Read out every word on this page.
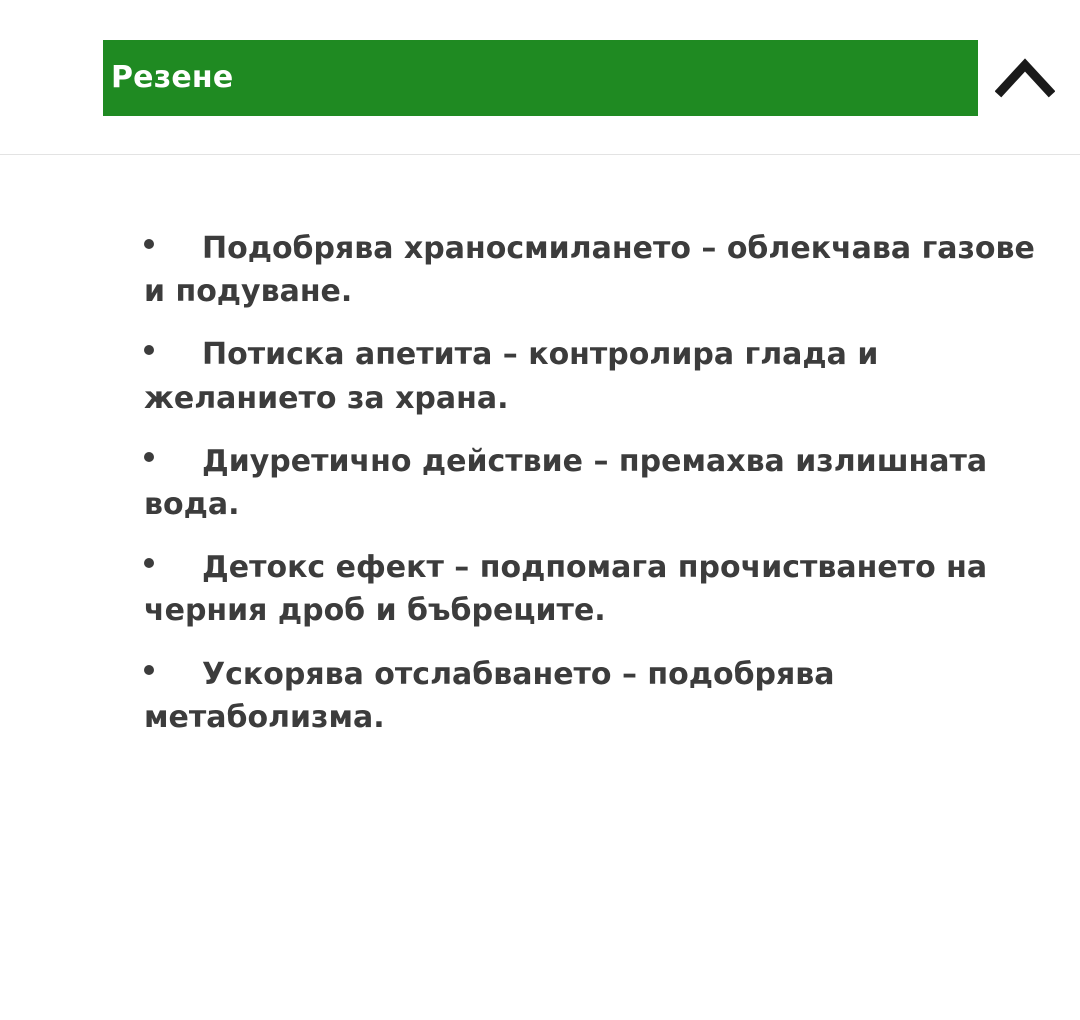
Резене
Подобрява храносмилането – облекчава газове и подуване.
Потиска апетита – контролира глада и желанието за храна.
Диуретично действие – премахва излишната вода.
Детокс ефект – подпомага прочистването на черния дроб и бъбреците.
Ускорява отслабването – подобрява метаболизма.
